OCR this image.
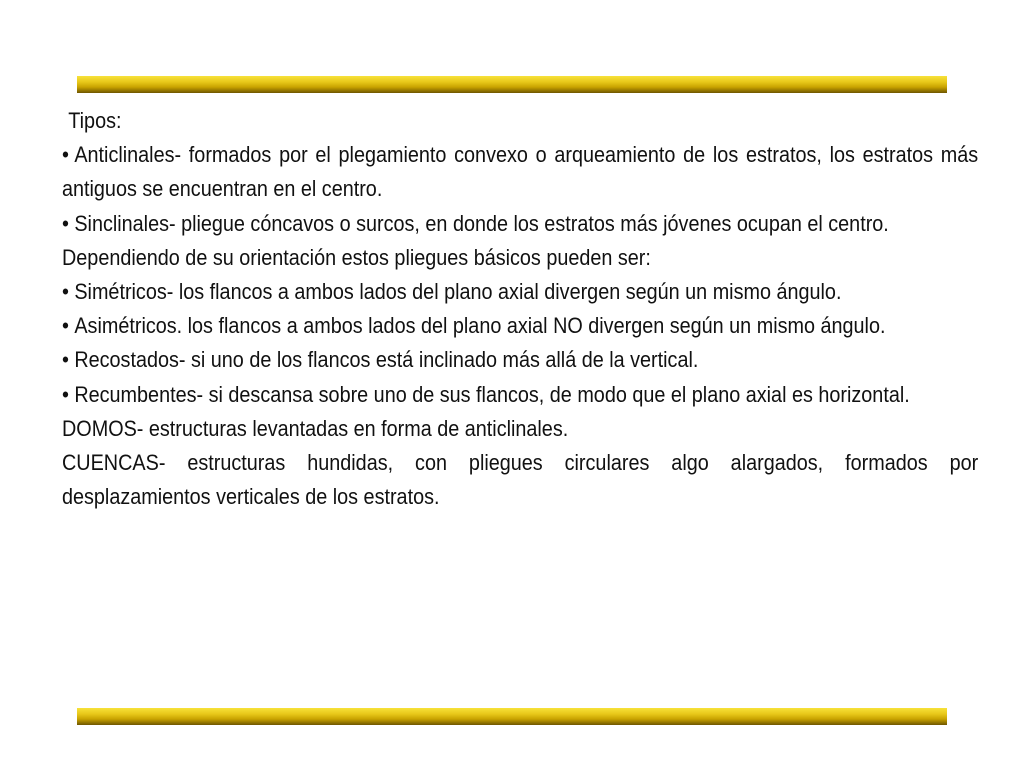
Tipos:

• Anticlinales- formados por el plegamiento convexo o arqueamiento de los estratos, los estratos más antiguos se encuentran en el centro.

• Sinclinales- pliegue cóncavos o surcos, en donde los estratos más jóvenes ocupan el centro.

Dependiendo de su orientación estos pliegues básicos pueden ser:

• Simétricos- los flancos a ambos lados del plano axial divergen según un mismo ángulo.

• Asimétricos. los flancos a ambos lados del plano axial NO divergen según un mismo ángulo.

• Recostados- si uno de los flancos está inclinado más allá de la vertical.

• Recumbentes- si descansa sobre uno de sus flancos, de modo que el plano axial es horizontal.

DOMOS- estructuras levantadas en forma de anticlinales.

CUENCAS- estructuras hundidas, con pliegues circulares algo alargados, formados por desplazamientos verticales de los estratos.
